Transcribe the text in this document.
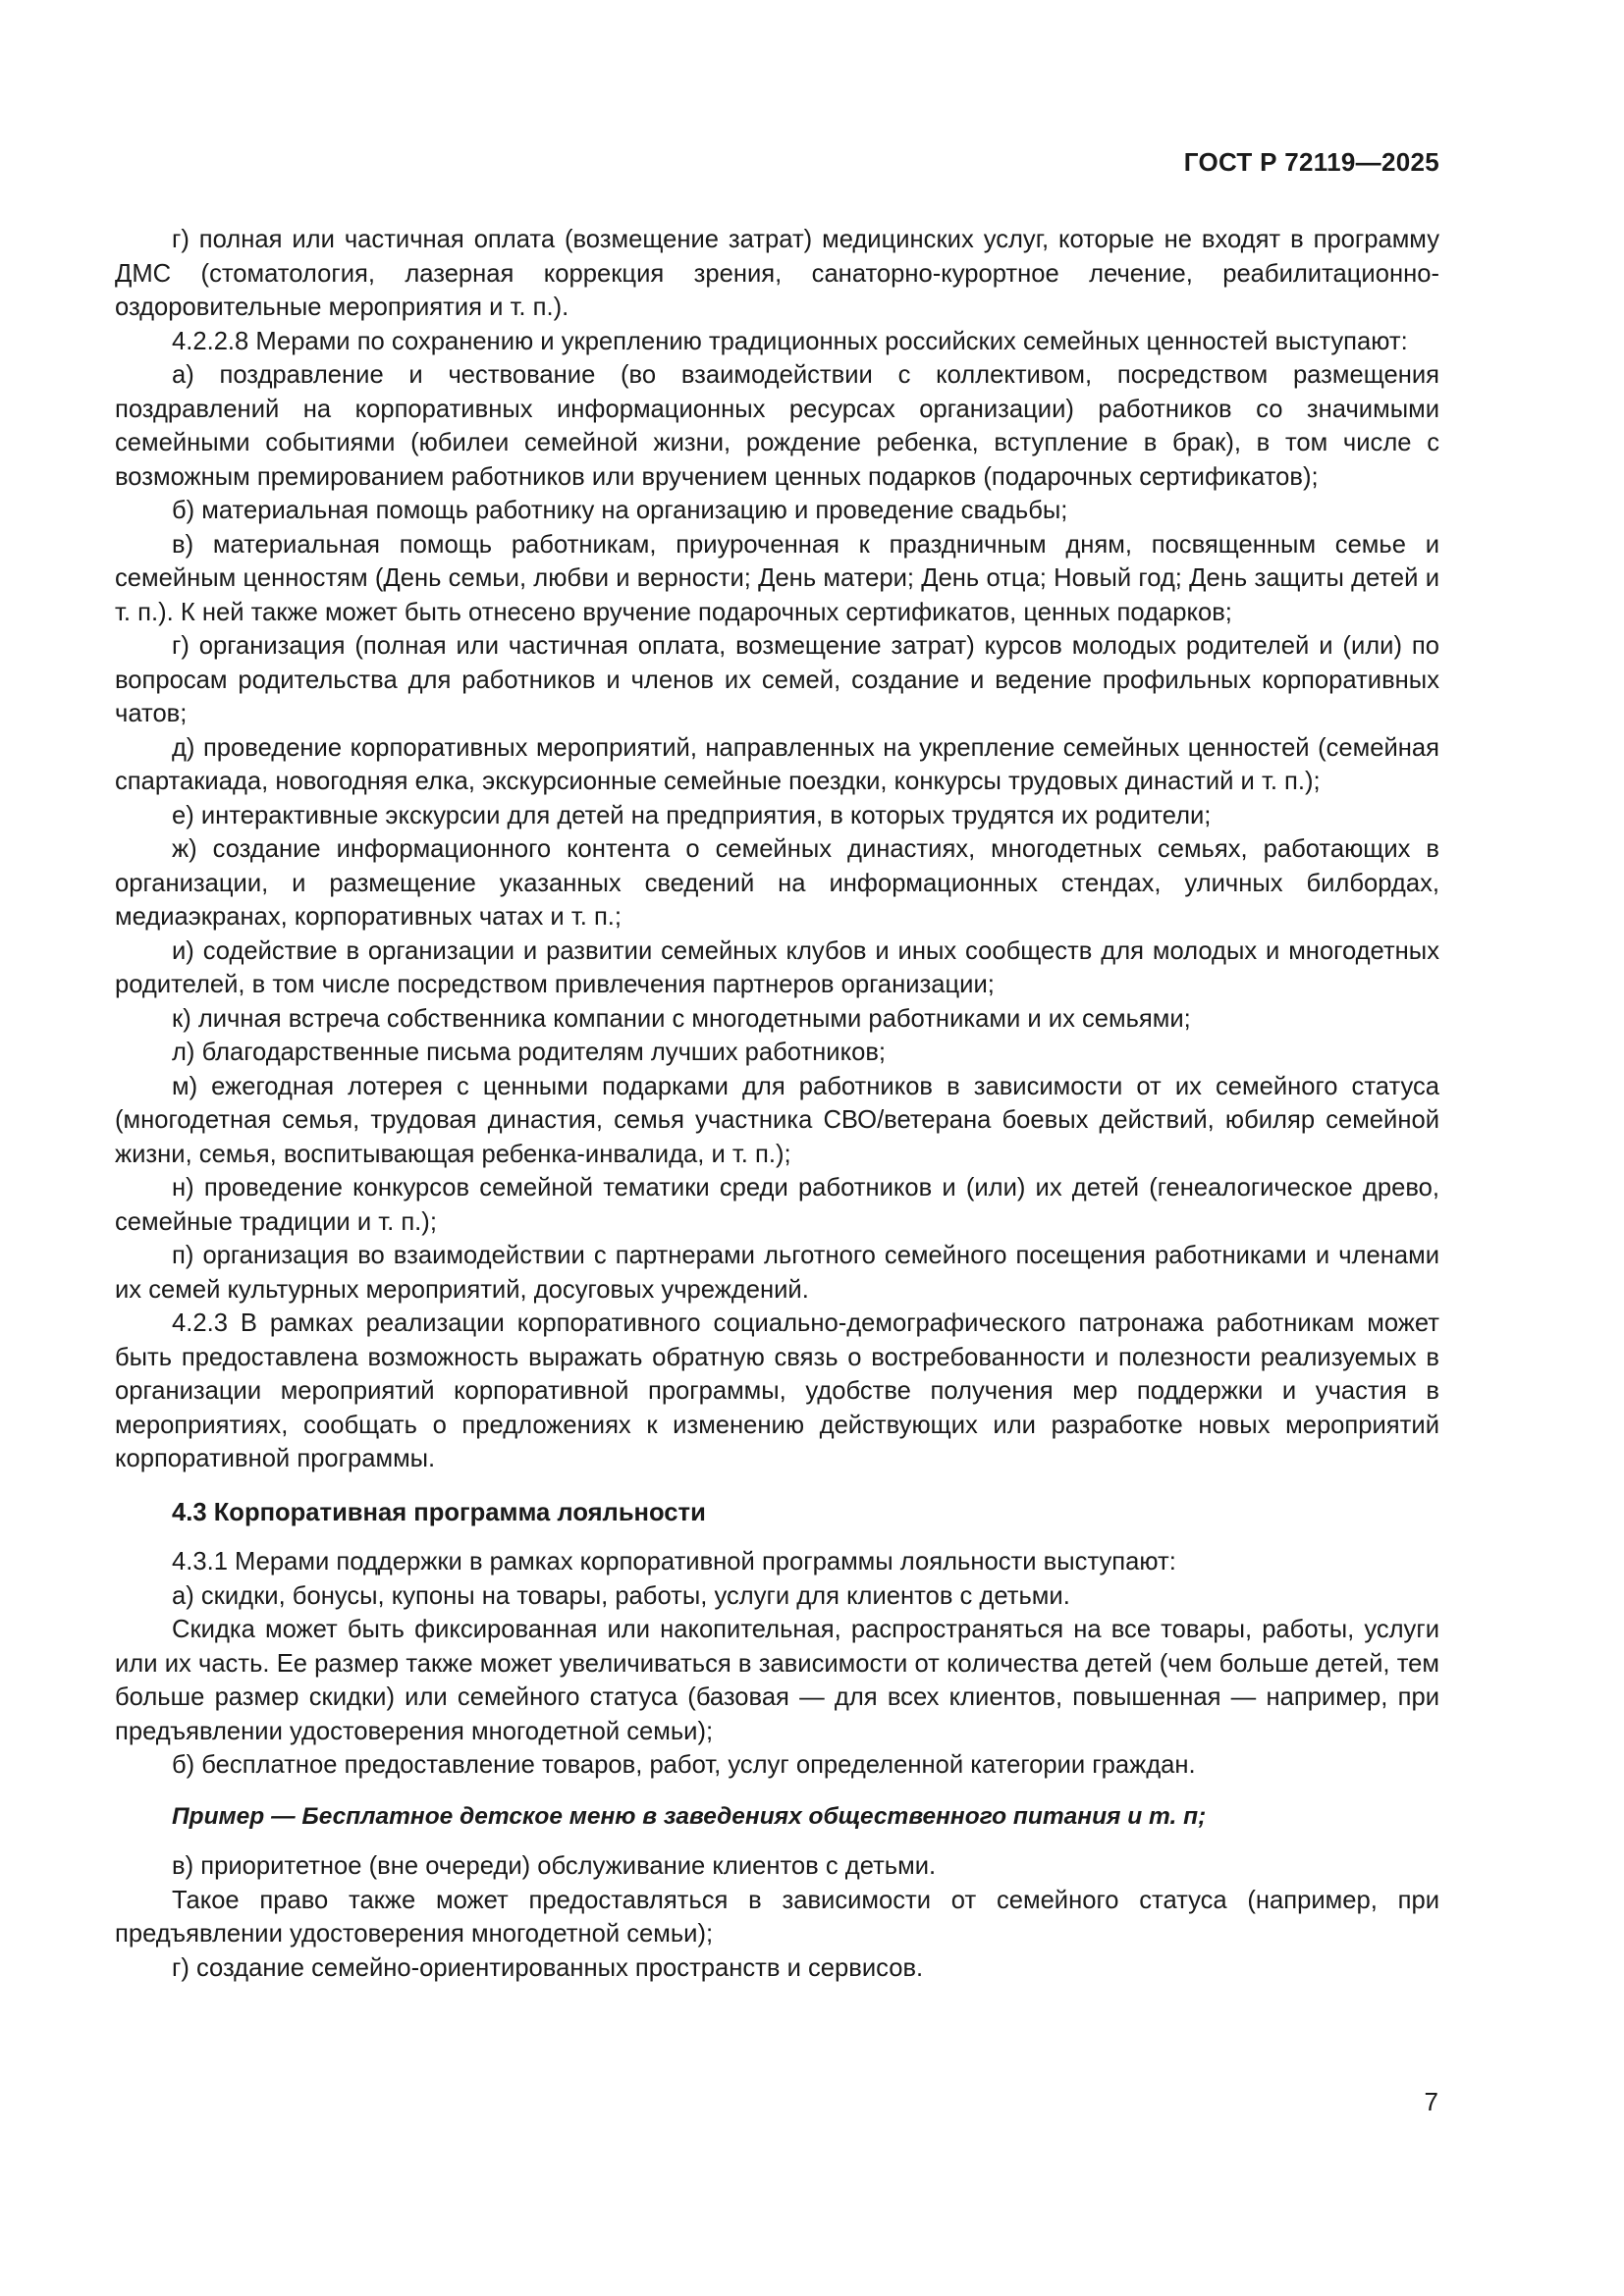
ГОСТ Р 72119—2025

г) полная или частичная оплата (возмещение затрат) медицинских услуг, которые не входят в программу ДМС (стоматология, лазерная коррекция зрения, санаторно-курортное лечение, реабилитационно-оздоровительные мероприятия и т. п.).

4.2.2.8 Мерами по сохранению и укреплению традиционных российских семейных ценностей выступают:

а) поздравление и чествование (во взаимодействии с коллективом, посредством размещения поздравлений на корпоративных информационных ресурсах организации) работников со значимыми семейными событиями (юбилеи семейной жизни, рождение ребенка, вступление в брак), в том числе с возможным премированием работников или вручением ценных подарков (подарочных сертификатов);

б) материальная помощь работнику на организацию и проведение свадьбы;

в) материальная помощь работникам, приуроченная к праздничным дням, посвященным семье и семейным ценностям (День семьи, любви и верности; День матери; День отца; Новый год; День защиты детей и т. п.). К ней также может быть отнесено вручение подарочных сертификатов, ценных подарков;

г) организация (полная или частичная оплата, возмещение затрат) курсов молодых родителей и (или) по вопросам родительства для работников и членов их семей, создание и ведение профильных корпоративных чатов;

д) проведение корпоративных мероприятий, направленных на укрепление семейных ценностей (семейная спартакиада, новогодняя елка, экскурсионные семейные поездки, конкурсы трудовых династий и т. п.);

е) интерактивные экскурсии для детей на предприятия, в которых трудятся их родители;

ж) создание информационного контента о семейных династиях, многодетных семьях, работающих в организации, и размещение указанных сведений на информационных стендах, уличных билбордах, медиаэкранах, корпоративных чатах и т. п.;

и) содействие в организации и развитии семейных клубов и иных сообществ для молодых и многодетных родителей, в том числе посредством привлечения партнеров организации;

к) личная встреча собственника компании с многодетными работниками и их семьями;

л) благодарственные письма родителям лучших работников;

м) ежегодная лотерея с ценными подарками для работников в зависимости от их семейного статуса (многодетная семья, трудовая династия, семья участника СВО/ветерана боевых действий, юбиляр семейной жизни, семья, воспитывающая ребенка-инвалида, и т. п.);

н) проведение конкурсов семейной тематики среди работников и (или) их детей (генеалогическое древо, семейные традиции и т. п.);

п) организация во взаимодействии с партнерами льготного семейного посещения работниками и членами их семей культурных мероприятий, досуговых учреждений.

4.2.3 В рамках реализации корпоративного социально-демографического патронажа работникам может быть предоставлена возможность выражать обратную связь о востребованности и полезности реализуемых в организации мероприятий корпоративной программы, удобстве получения мер поддержки и участия в мероприятиях, сообщать о предложениях к изменению действующих или разработке новых мероприятий корпоративной программы.

4.3 Корпоративная программа лояльности

4.3.1 Мерами поддержки в рамках корпоративной программы лояльности выступают:

а) скидки, бонусы, купоны на товары, работы, услуги для клиентов с детьми.

Скидка может быть фиксированная или накопительная, распространяться на все товары, работы, услуги или их часть. Ее размер также может увеличиваться в зависимости от количества детей (чем больше детей, тем больше размер скидки) или семейного статуса (базовая — для всех клиентов, повышенная — например, при предъявлении удостоверения многодетной семьи);

б) бесплатное предоставление товаров, работ, услуг определенной категории граждан.

Пример — Бесплатное детское меню в заведениях общественного питания и т. п;

в) приоритетное (вне очереди) обслуживание клиентов с детьми.

Такое право также может предоставляться в зависимости от семейного статуса (например, при предъявлении удостоверения многодетной семьи);

г) создание семейно-ориентированных пространств и сервисов.

7
